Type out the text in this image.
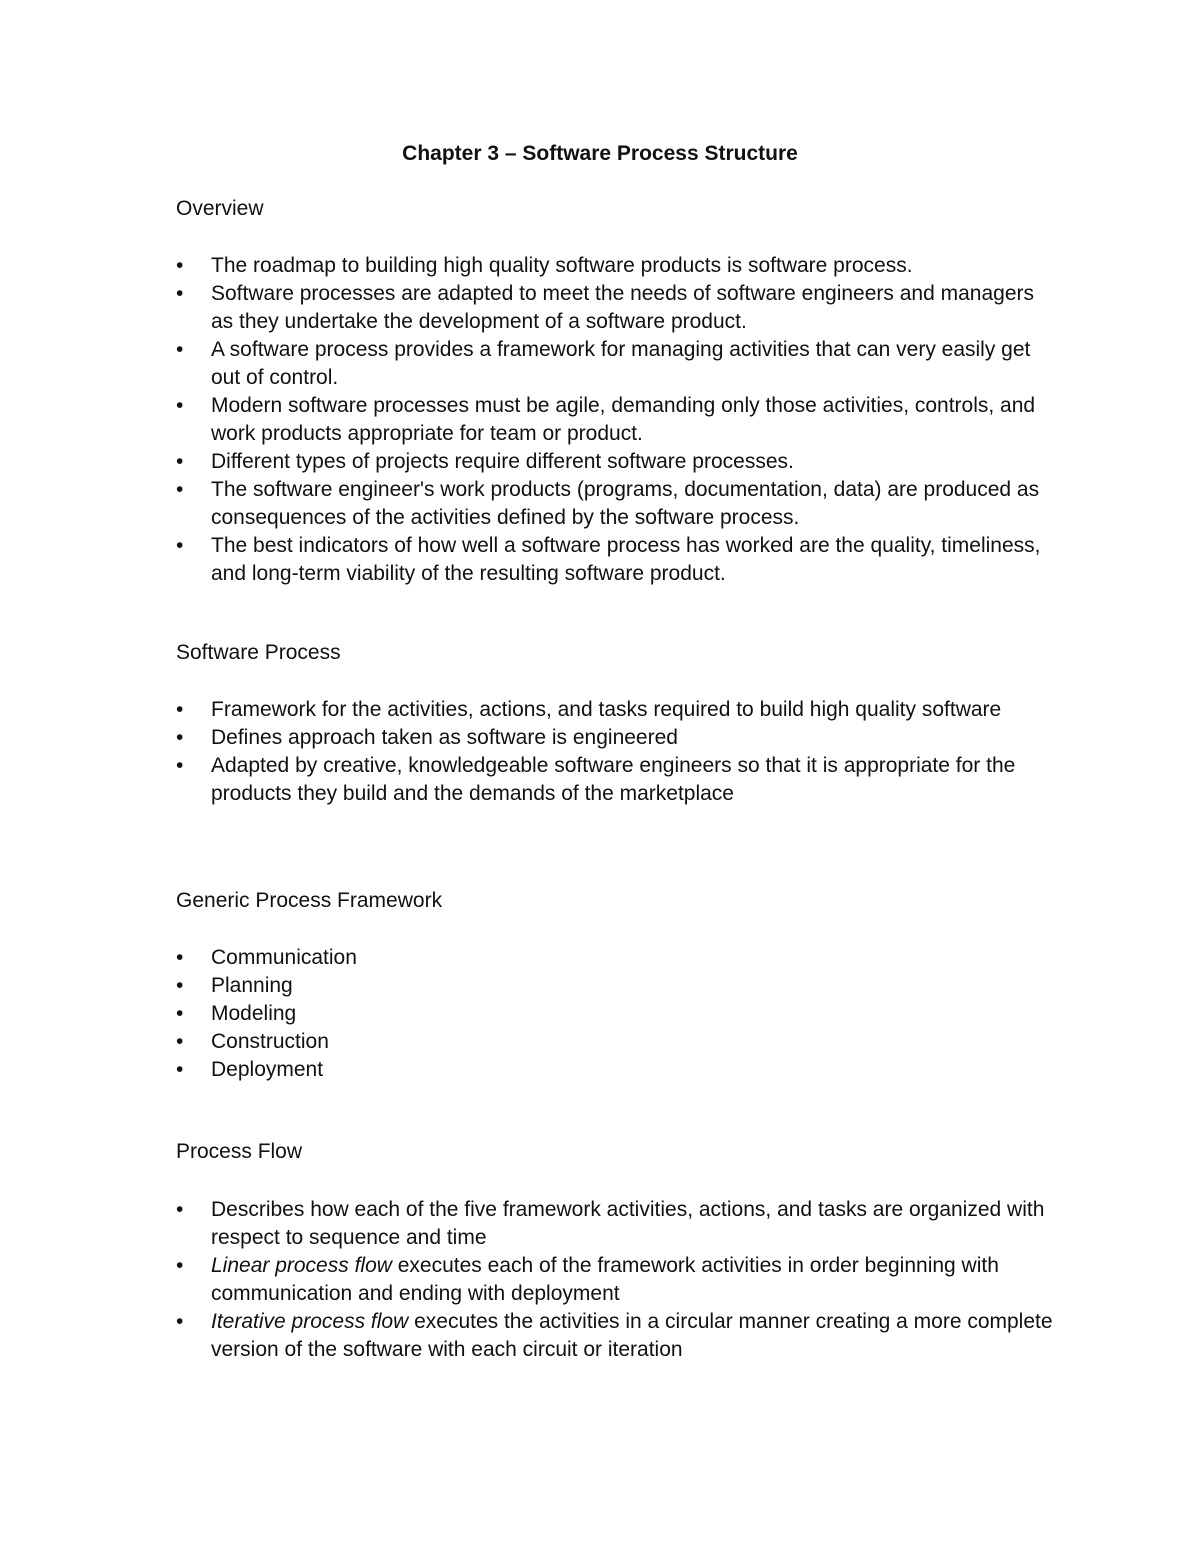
Chapter 3 – Software Process Structure
Overview
• The roadmap to building high quality software products is software process.
• Software processes are adapted to meet the needs of software engineers and managers as they undertake the development of a software product.
• A software process provides a framework for managing activities that can very easily get out of control.
• Modern software processes must be agile, demanding only those activities, controls, and work products appropriate for team or product.
• Different types of projects require different software processes.
• The software engineer's work products (programs, documentation, data) are produced as consequences of the activities defined by the software process.
• The best indicators of how well a software process has worked are the quality, timeliness, and long-term viability of the resulting software product.
Software Process
• Framework for the activities, actions, and tasks required to build high quality software
• Defines approach taken as software is engineered
• Adapted by creative, knowledgeable software engineers so that it is appropriate for the products they build and the demands of the marketplace
Generic Process Framework
• Communication
• Planning
• Modeling
• Construction
• Deployment
Process Flow
• Describes how each of the five framework activities, actions, and tasks are organized with respect to sequence and time
• Linear process flow executes each of the framework activities in order beginning with communication and ending with deployment
• Iterative process flow executes the activities in a circular manner creating a more complete version of the software with each circuit or iteration
